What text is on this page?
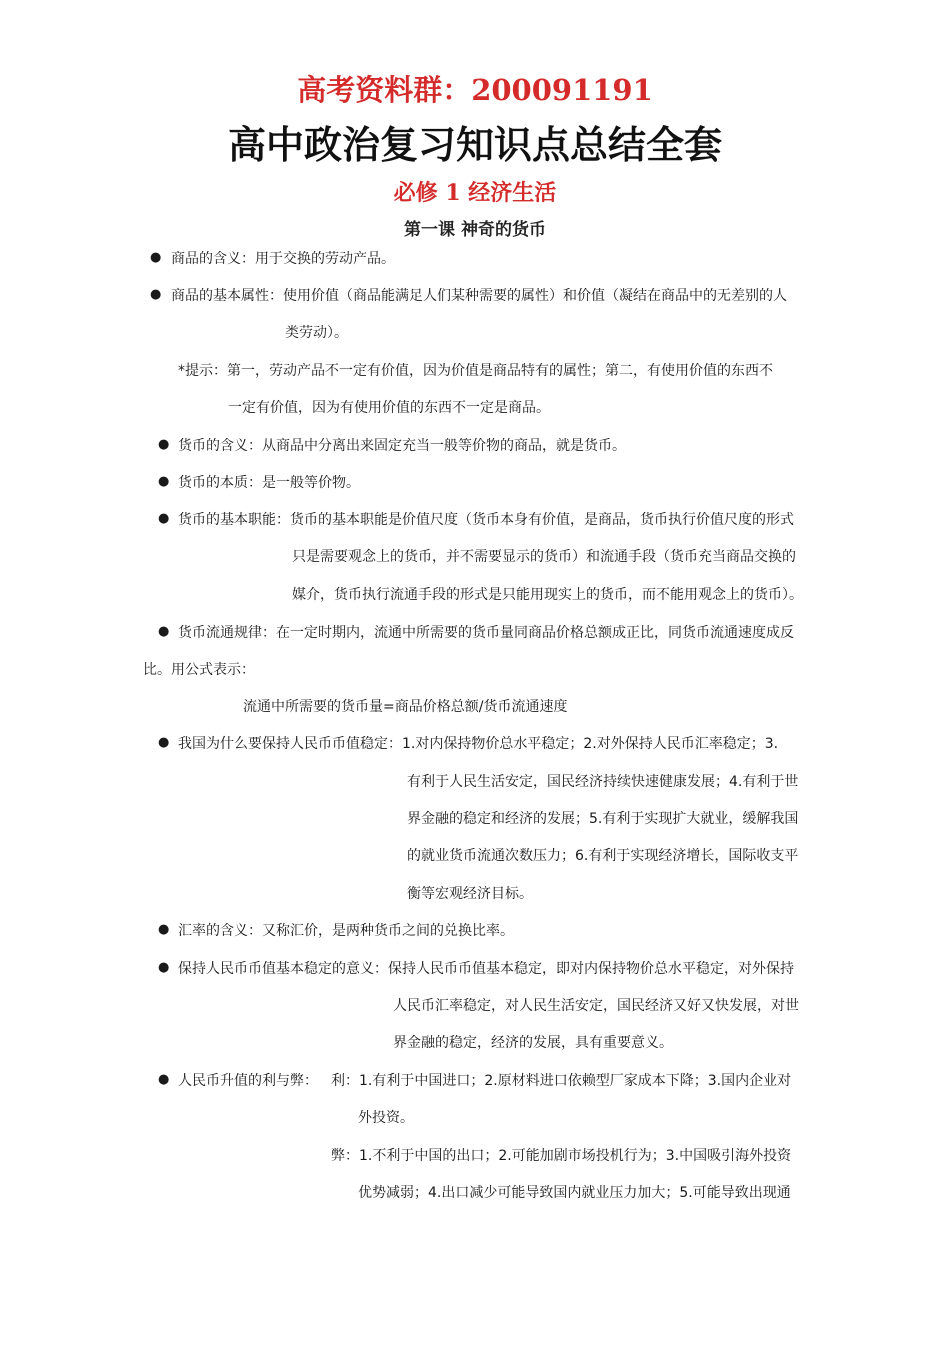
高考资料群：200091191
高中政治复习知识点总结全套
必修 1 经济生活
第一课 神奇的货币
●
●
●
●
●
●
●
●
●
●
商品的含义：用于交换的劳动产品。
商品的基本属性：使用价值（商品能满足人们某种需要的属性）和价值（凝结在商品中的无差别的人
类劳动）。
*提示：第一，劳动产品不一定有价值，因为价值是商品特有的属性；第二，有使用价值的东西不
一定有价值，因为有使用价值的东西不一定是商品。
货币的含义：从商品中分离出来固定充当一般等价物的商品，就是货币。
货币的本质：是一般等价物。
货币的基本职能：货币的基本职能是价值尺度（货币本身有价值，是商品，货币执行价值尺度的形式
只是需要观念上的货币，并不需要显示的货币）和流通手段（货币充当商品交换的
媒介，货币执行流通手段的形式是只能用现实上的货币，而不能用观念上的货币）。
货币流通规律：在一定时期内，流通中所需要的货币量同商品价格总额成正比，同货币流通速度成反
比。用公式表示：
流通中所需要的货币量=商品价格总额/货币流通速度
我国为什么要保持人民币币值稳定：1.对内保持物价总水平稳定；2.对外保持人民币汇率稳定；3.
有利于人民生活安定，国民经济持续快速健康发展；4.有利于世
界金融的稳定和经济的发展；5.有利于实现扩大就业，缓解我国
的就业货币流通次数压力；6.有利于实现经济增长，国际收支平
衡等宏观经济目标。
汇率的含义：又称汇价，是两种货币之间的兑换比率。
保持人民币币值基本稳定的意义：保持人民币币值基本稳定，即对内保持物价总水平稳定，对外保持
人民币汇率稳定，对人民生活安定，国民经济又好又快发展，对世
界金融的稳定，经济的发展，具有重要意义。
人民币升值的利与弊： 利：1.有利于中国进口；2.原材料进口依赖型厂家成本下降；3.国内企业对
外投资。
弊：1.不利于中国的出口；2.可能加剧市场投机行为；3.中国吸引海外投资
优势减弱；4.出口减少可能导致国内就业压力加大；5.可能导致出现通
